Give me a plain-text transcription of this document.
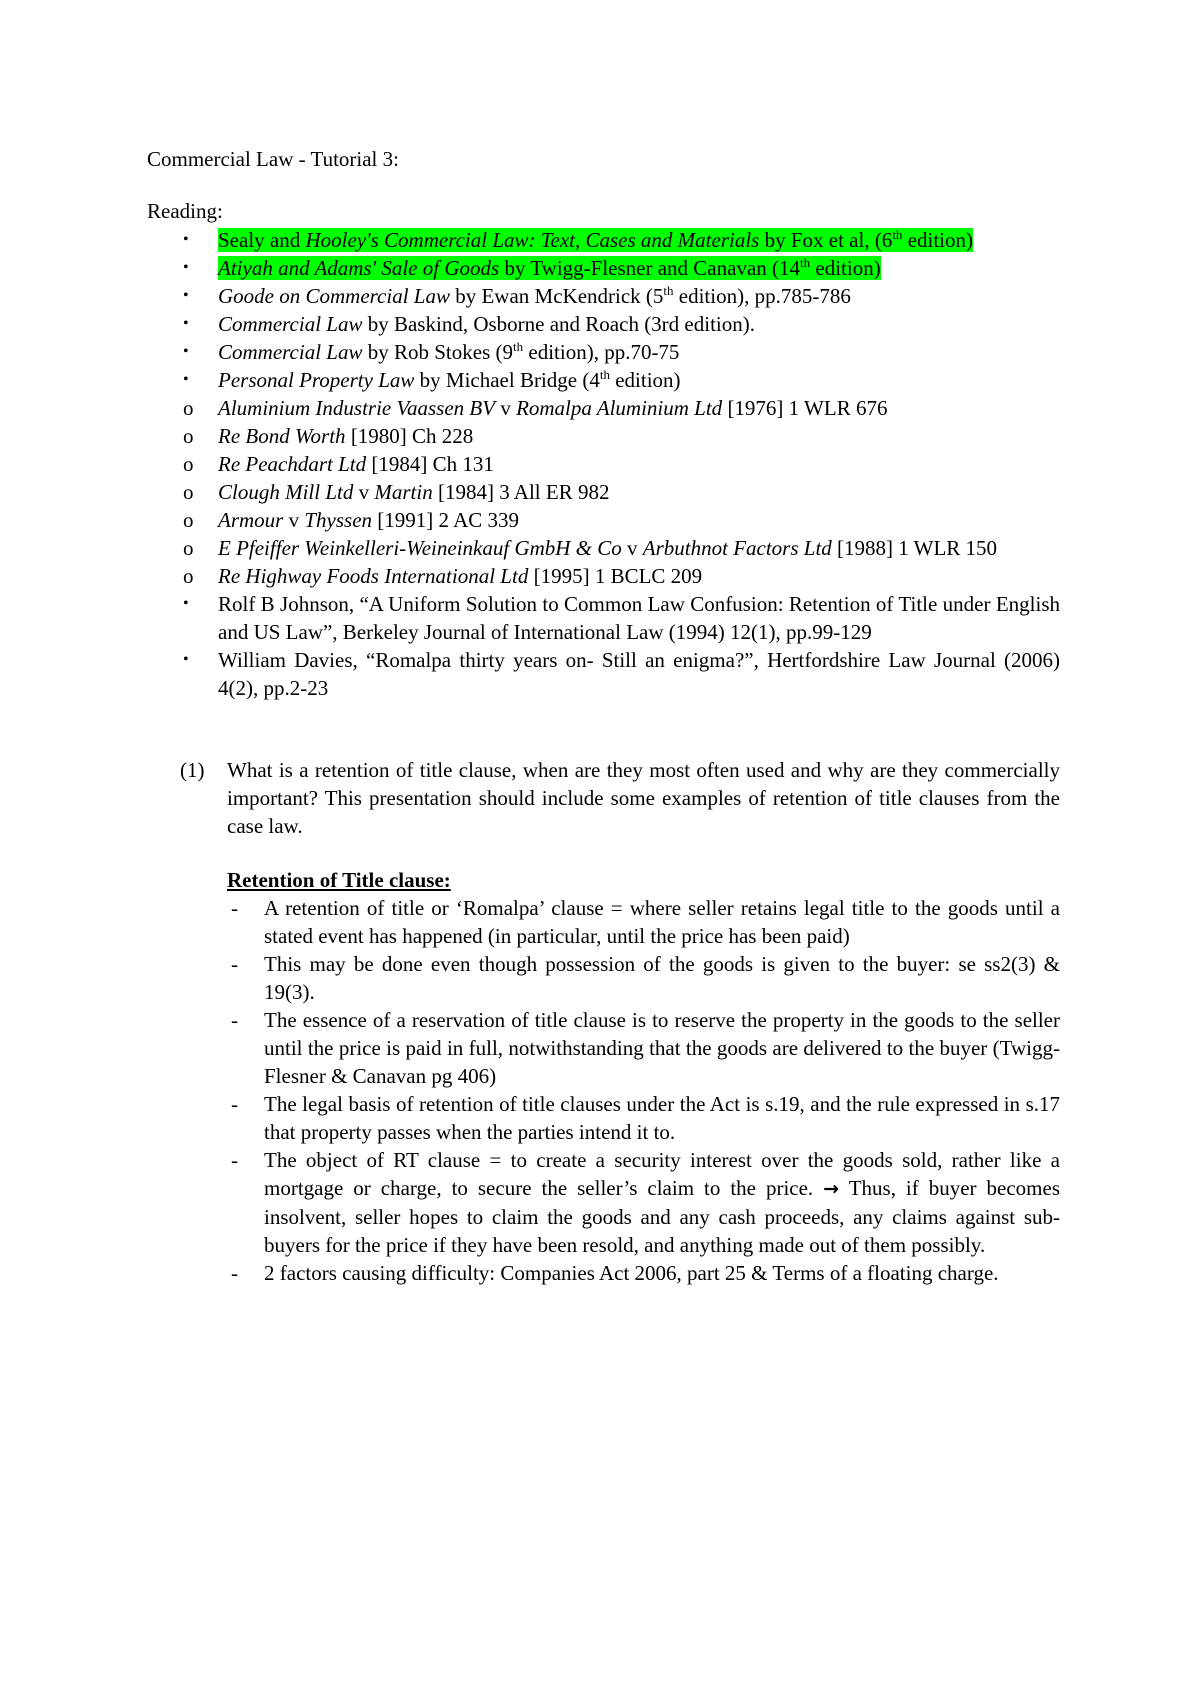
Commercial Law - Tutorial 3:
Reading:
•	Sealy and Hooley's Commercial Law: Text, Cases and Materials by Fox et al, (6th edition)
•	Atiyah and Adams' Sale of Goods by Twigg-Flesner and Canavan (14th edition)
•	Goode on Commercial Law by Ewan McKendrick (5th edition), pp.785-786
•	Commercial Law by Baskind, Osborne and Roach (3rd edition).
•	Commercial Law by Rob Stokes (9th edition), pp.70-75
•	Personal Property Law by Michael Bridge (4th edition)
o	Aluminium Industrie Vaassen BV v Romalpa Aluminium Ltd [1976] 1 WLR 676
o	Re Bond Worth [1980] Ch 228
o	Re Peachdart Ltd [1984] Ch 131
o	Clough Mill Ltd v Martin [1984] 3 All ER 982
o	Armour v Thyssen [1991] 2 AC 339
o	E Pfeiffer Weinkelleri-Weineinkauf GmbH & Co v Arbuthnot Factors Ltd [1988] 1 WLR 150
o	Re Highway Foods International Ltd [1995] 1 BCLC 209
•	Rolf B Johnson, “A Uniform Solution to Common Law Confusion: Retention of Title under English and US Law”, Berkeley Journal of International Law (1994) 12(1), pp.99-129
•	William Davies, “Romalpa thirty years on- Still an enigma?”, Hertfordshire Law Journal (2006) 4(2), pp.2-23
(1) What is a retention of title clause, when are they most often used and why are they commercially important? This presentation should include some examples of retention of title clauses from the case law.
Retention of Title clause:
- A retention of title or ‘Romalpa’ clause = where seller retains legal title to the goods until a stated event has happened (in particular, until the price has been paid)
- This may be done even though possession of the goods is given to the buyer: se ss2(3) & 19(3).
- The essence of a reservation of title clause is to reserve the property in the goods to the seller until the price is paid in full, notwithstanding that the goods are delivered to the buyer (Twigg-Flesner & Canavan pg 406)
- The legal basis of retention of title clauses under the Act is s.19, and the rule expressed in s.17 that property passes when the parties intend it to.
- The object of RT clause = to create a security interest over the goods sold, rather like a mortgage or charge, to secure the seller’s claim to the price. → Thus, if buyer becomes insolvent, seller hopes to claim the goods and any cash proceeds, any claims against sub-buyers for the price if they have been resold, and anything made out of them possibly.
- 2 factors causing difficulty: Companies Act 2006, part 25 & Terms of a floating charge.
